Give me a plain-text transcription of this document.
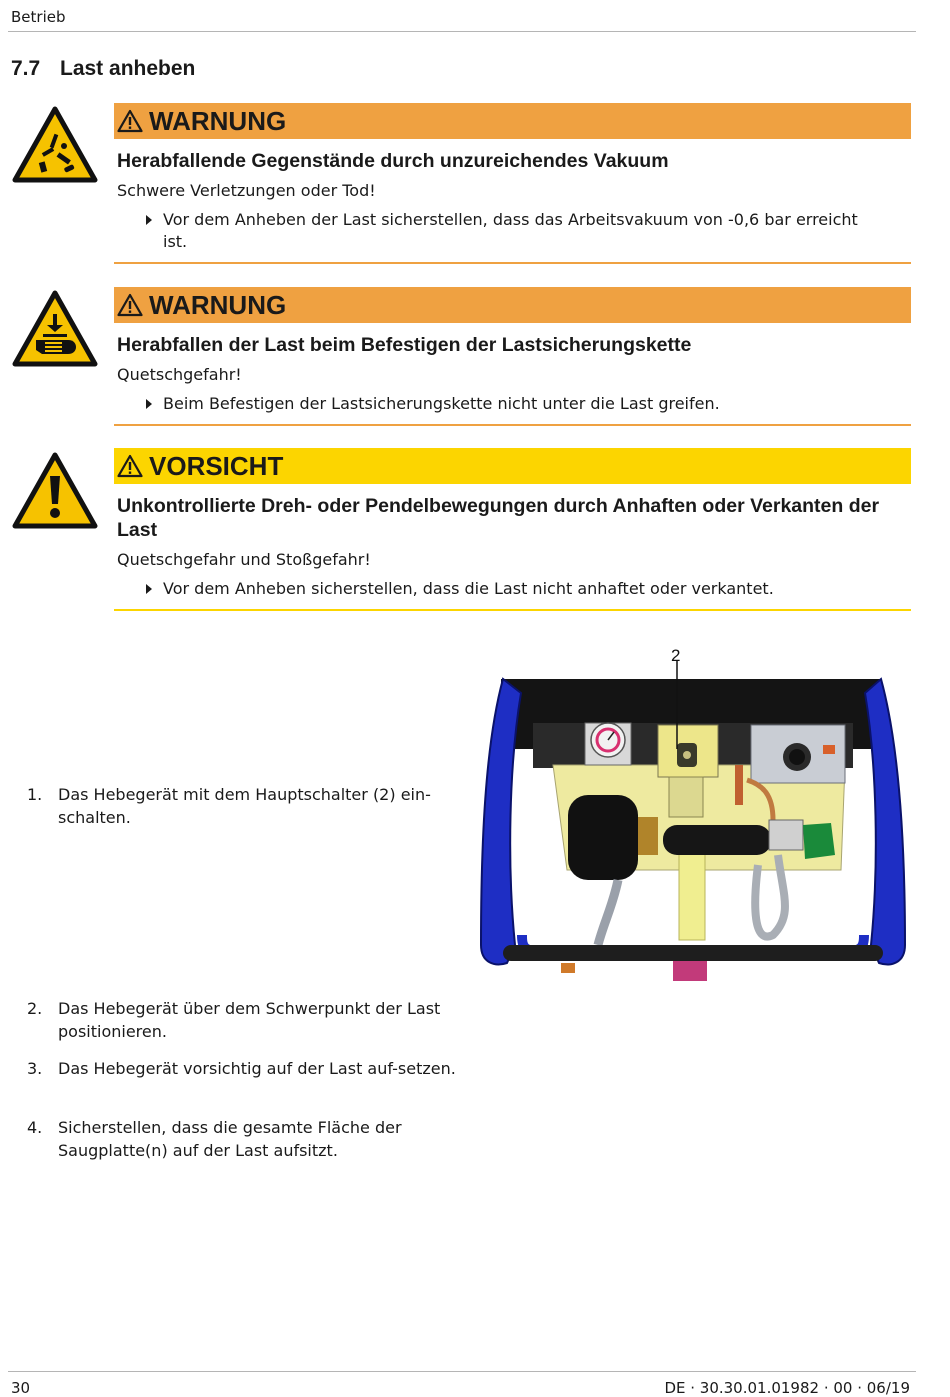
Betrieb
7.7 Last anheben
WARNUNG
Herabfallende Gegenstände durch unzureichendes Vakuum
Schwere Verletzungen oder Tod!
Vor dem Anheben der Last sicherstellen, dass das Arbeitsvakuum von -0,6 bar erreicht ist.
WARNUNG
Herabfallen der Last beim Befestigen der Lastsicherungskette
Quetschgefahr!
Beim Befestigen der Lastsicherungskette nicht unter die Last greifen.
VORSICHT
Unkontrollierte Dreh- oder Pendelbewegungen durch Anhaften oder Verkanten der Last
Quetschgefahr und Stoßgefahr!
Vor dem Anheben sicherstellen, dass die Last nicht anhaftet oder verkantet.
1. Das Hebegerät mit dem Hauptschalter (2) ein-schalten.
2. Das Hebegerät über dem Schwerpunkt der Last positionieren.
3. Das Hebegerät vorsichtig auf der Last auf-setzen.
4. Sicherstellen, dass die gesamte Fläche der Saugplatte(n) auf der Last aufsitzt.
2
30	DE · 30.30.01.01982 · 00 · 06/19
